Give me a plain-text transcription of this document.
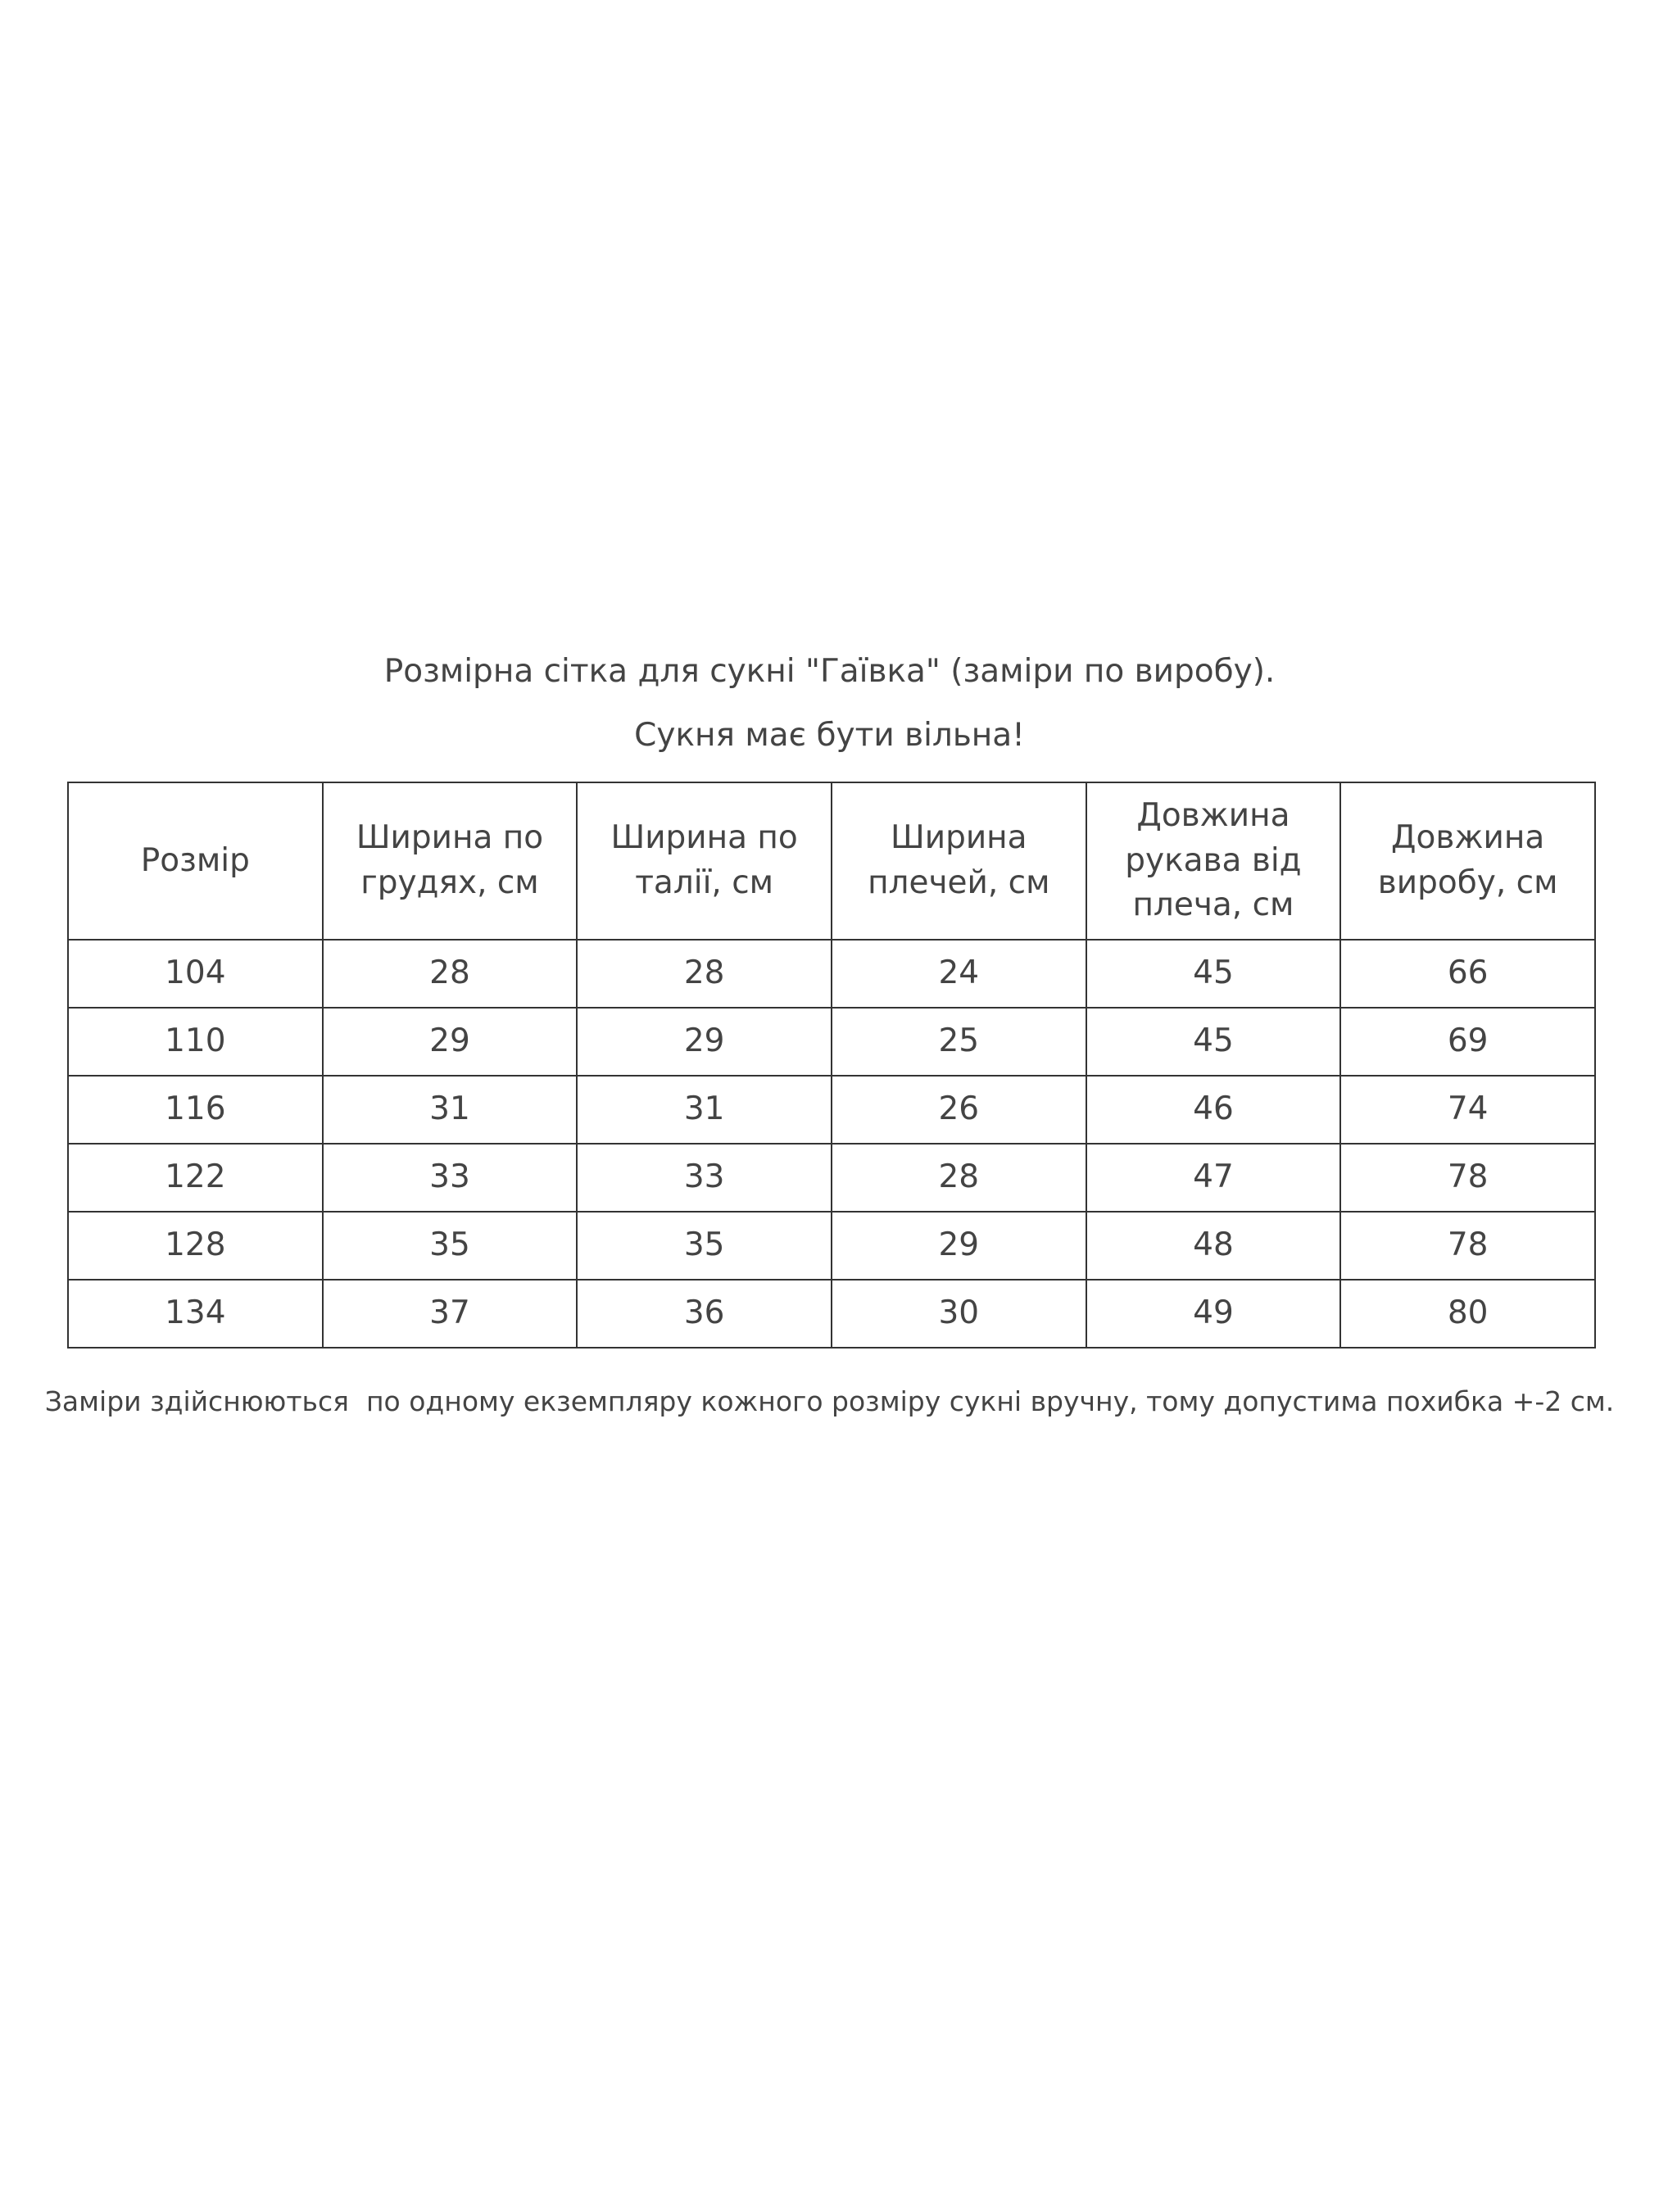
Розмірна сітка для сукні "Гаївка" (заміри по виробу).
Сукня має бути вільна!
Розмір	Ширина по грудях, см	Ширина по талії, см	Ширина плечей, см	Довжина рукава від плеча, см	Довжина виробу, см
104	28	28	24	45	66
110	29	29	25	45	69
116	31	31	26	46	74
122	33	33	28	47	78
128	35	35	29	48	78
134	37	36	30	49	80
Заміри здійснюються  по одному екземпляру кожного розміру сукні вручну, тому допустима похибка +-2 см.
